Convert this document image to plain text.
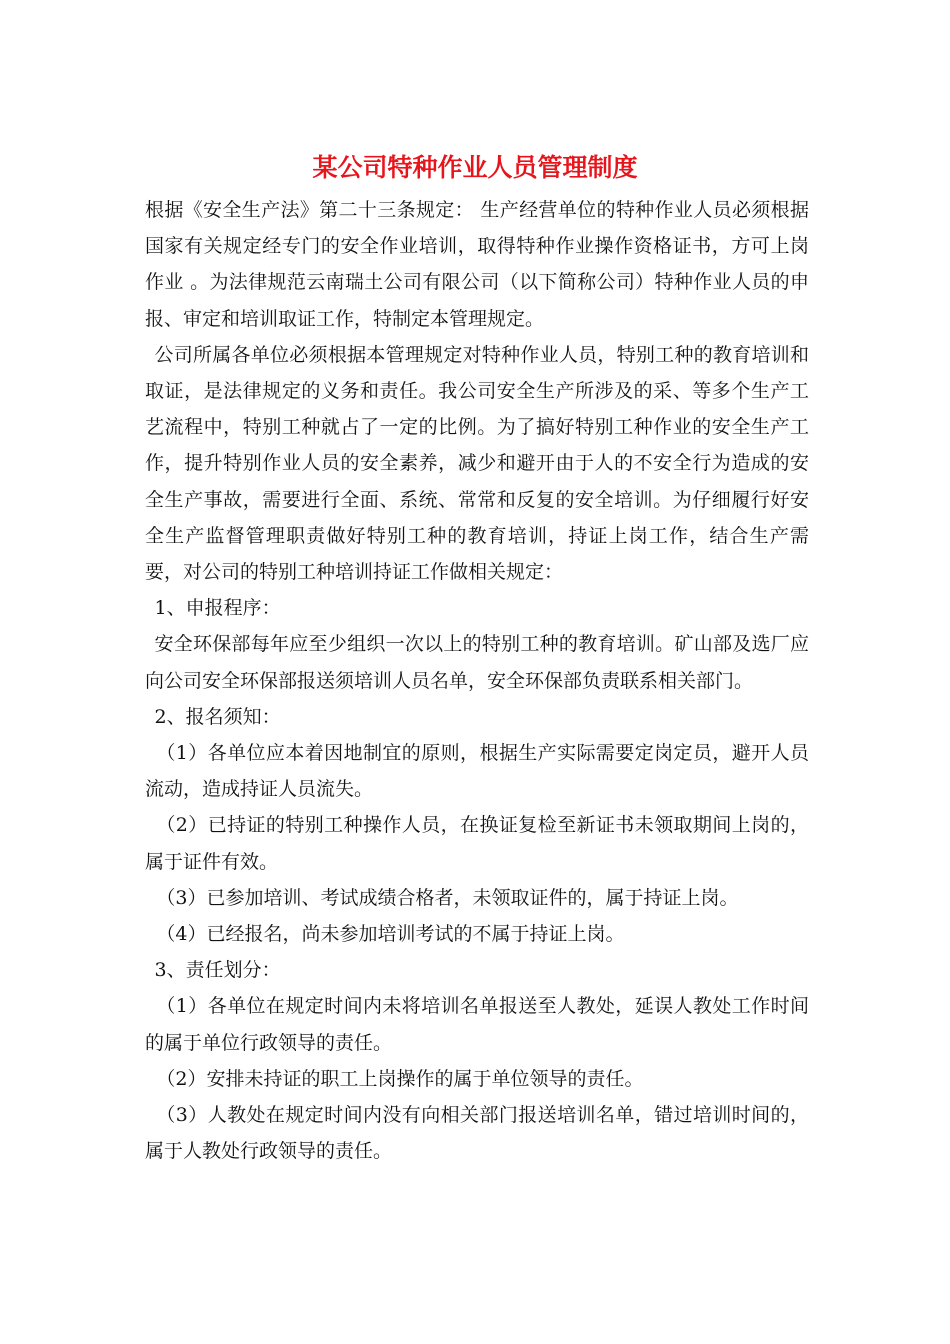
某公司特种作业人员管理制度

根据《安全生产法》第二十三条规定： 生产经营单位的特种作业人员必须根据国家有关规定经专门的安全作业培训，取得特种作业操作资格证书，方可上岗作业 。为法律规范云南瑞土公司有限公司（以下简称公司）特种作业人员的申报、审定和培训取证工作，特制定本管理规定。

公司所属各单位必须根据本管理规定对特种作业人员，特别工种的教育培训和取证，是法律规定的义务和责任。我公司安全生产所涉及的采、等多个生产工艺流程中，特别工种就占了一定的比例。为了搞好特别工种作业的安全生产工作，提升特别作业人员的安全素养，减少和避开由于人的不安全行为造成的安全生产事故，需要进行全面、系统、常常和反复的安全培训。为仔细履行好安全生产监督管理职责做好特别工种的教育培训，持证上岗工作，结合生产需要，对公司的特别工种培训持证工作做相关规定：

1、申报程序：

安全环保部每年应至少组织一次以上的特别工种的教育培训。矿山部及选厂应向公司安全环保部报送须培训人员名单，安全环保部负责联系相关部门。

2、报名须知：

（1）各单位应本着因地制宜的原则，根据生产实际需要定岗定员，避开人员流动，造成持证人员流失。

（2）已持证的特别工种操作人员，在换证复检至新证书未领取期间上岗的，属于证件有效。

（3）已参加培训、考试成绩合格者，未领取证件的，属于持证上岗。

（4）已经报名，尚未参加培训考试的不属于持证上岗。

3、责任划分：

（1）各单位在规定时间内未将培训名单报送至人教处，延误人教处工作时间的属于单位行政领导的责任。

（2）安排未持证的职工上岗操作的属于单位领导的责任。

（3）人教处在规定时间内没有向相关部门报送培训名单，错过培训时间的，属于人教处行政领导的责任。
